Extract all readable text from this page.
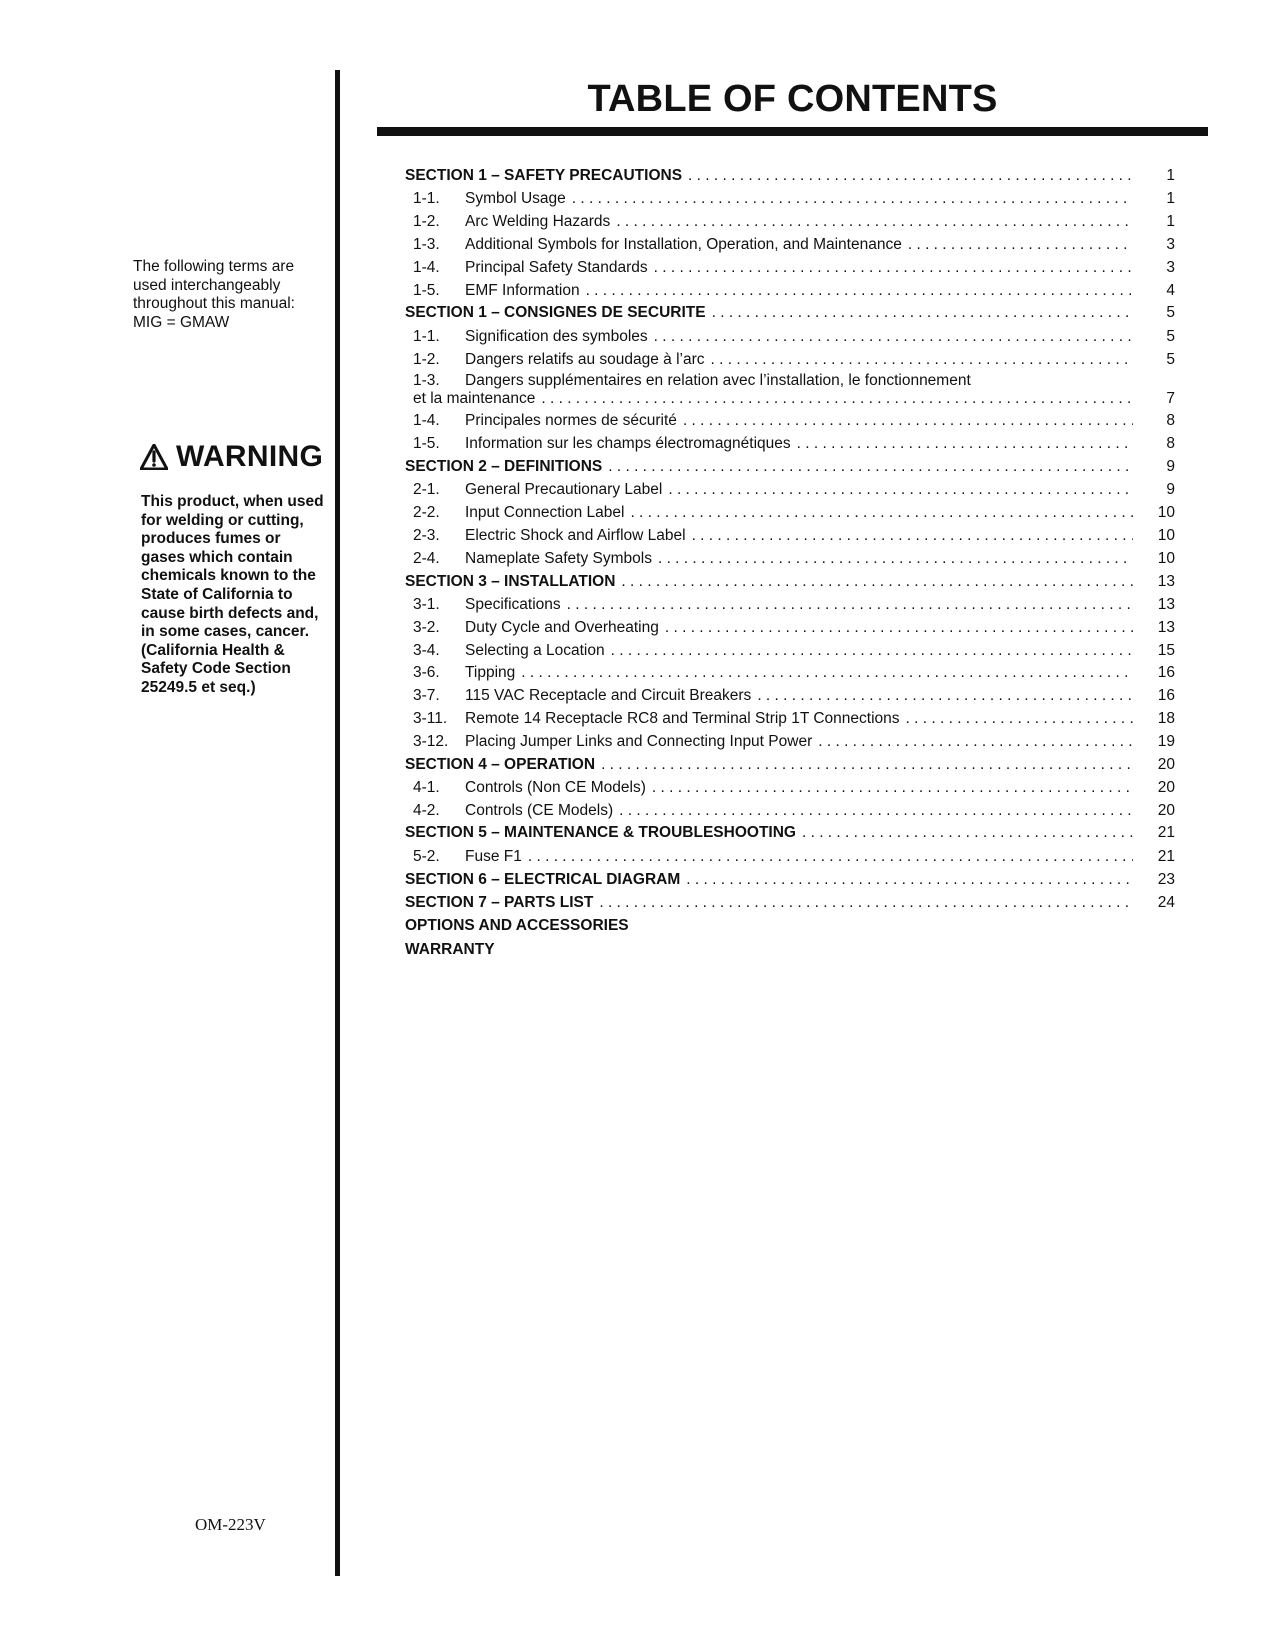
The following terms are
used interchangeably
throughout this manual:
MIG = GMAW
WARNING
This product, when used
for welding or cutting,
produces fumes or
gases which contain
chemicals known to the
State of California to
cause birth defects and,
in some cases, cancer.
(California Health &
Safety Code Section
25249.5 et seq.)
OM-223V
TABLE OF CONTENTS
SECTION 1 – SAFETY PRECAUTIONS . . .	1
1-1.	Symbol Usage . . .	1
1-2.	Arc Welding Hazards . . .	1
1-3.	Additional Symbols for Installation, Operation, and Maintenance . . .	3
1-4.	Principal Safety Standards . . .	3
1-5.	EMF Information . . .	4
SECTION 1 – CONSIGNES DE SECURITE . . .	5
1-1.	Signification des symboles . . .	5
1-2.	Dangers relatifs au soudage à l’arc . . .	5
1-3.	Dangers supplémentaires en relation avec l’installation, le fonctionnement
et la maintenance . . .	7
1-4.	Principales normes de sécurité . . .	8
1-5.	Information sur les champs électromagnétiques . . .	8
SECTION 2 – DEFINITIONS . . .	9
2-1.	General Precautionary Label . . .	9
2-2.	Input Connection Label . . .	10
2-3.	Electric Shock and Airflow Label . . .	10
2-4.	Nameplate Safety Symbols . . .	10
SECTION 3 – INSTALLATION . . .	13
3-1.	Specifications . . .	13
3-2.	Duty Cycle and Overheating . . .	13
3-4.	Selecting a Location . . .	15
3-6.	Tipping . . .	16
3-7.	115 VAC Receptacle and Circuit Breakers . . .	16
3-11.	Remote 14 Receptacle RC8 and Terminal Strip 1T Connections . . .	18
3-12.	Placing Jumper Links and Connecting Input Power . . .	19
SECTION 4 – OPERATION . . .	20
4-1.	Controls (Non CE Models) . . .	20
4-2.	Controls (CE Models) . . .	20
SECTION 5 – MAINTENANCE & TROUBLESHOOTING . . .	21
5-2.	Fuse F1 . . .	21
SECTION 6 – ELECTRICAL DIAGRAM . . .	23
SECTION 7 – PARTS LIST . . .	24
OPTIONS AND ACCESSORIES
WARRANTY
